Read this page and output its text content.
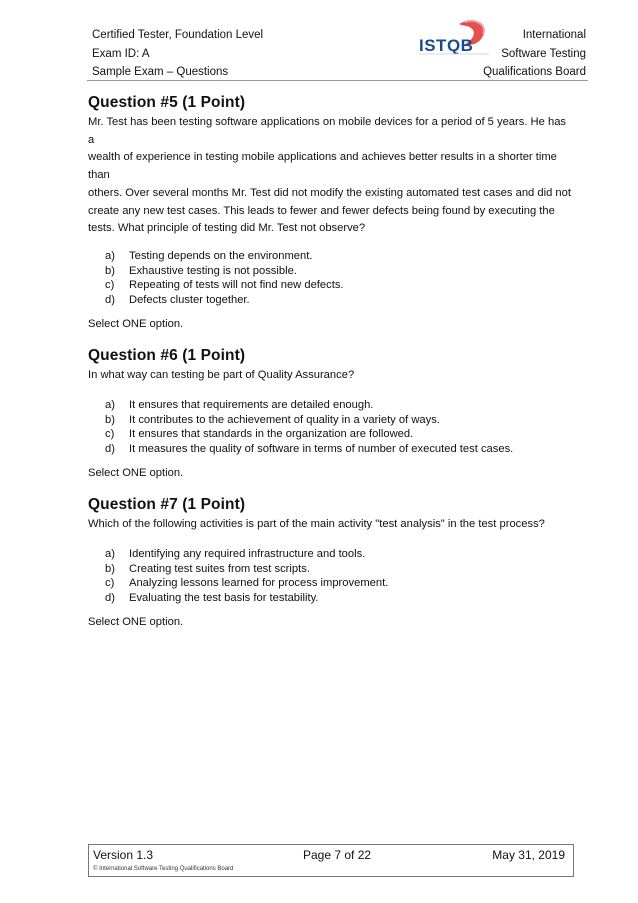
Certified Tester, Foundation Level
Exam ID: A
Sample Exam – Questions
ISTQB
International
Software Testing
Qualifications Board
Question #5 (1 Point)
Mr. Test has been testing software applications on mobile devices for a period of 5 years. He has a
wealth of experience in testing mobile applications and achieves better results in a shorter time than
others. Over several months Mr. Test did not modify the existing automated test cases and did not
create any new test cases. This leads to fewer and fewer defects being found by executing the
tests. What principle of testing did Mr. Test not observe?
a)	Testing depends on the environment.
b)	Exhaustive testing is not possible.
c)	Repeating of tests will not find new defects.
d)	Defects cluster together.
Select ONE option.
Question #6 (1 Point)
In what way can testing be part of Quality Assurance?
a)	It ensures that requirements are detailed enough.
b)	It contributes to the achievement of quality in a variety of ways.
c)	It ensures that standards in the organization are followed.
d)	It measures the quality of software in terms of number of executed test cases.
Select ONE option.
Question #7 (1 Point)
Which of the following activities is part of the main activity "test analysis" in the test process?
a)	Identifying any required infrastructure and tools.
b)	Creating test suites from test scripts.
c)	Analyzing lessons learned for process improvement.
d)	Evaluating the test basis for testability.
Select ONE option.
Version 1.3	Page 7 of 22	May 31, 2019
© International Software Testing Qualifications Board
